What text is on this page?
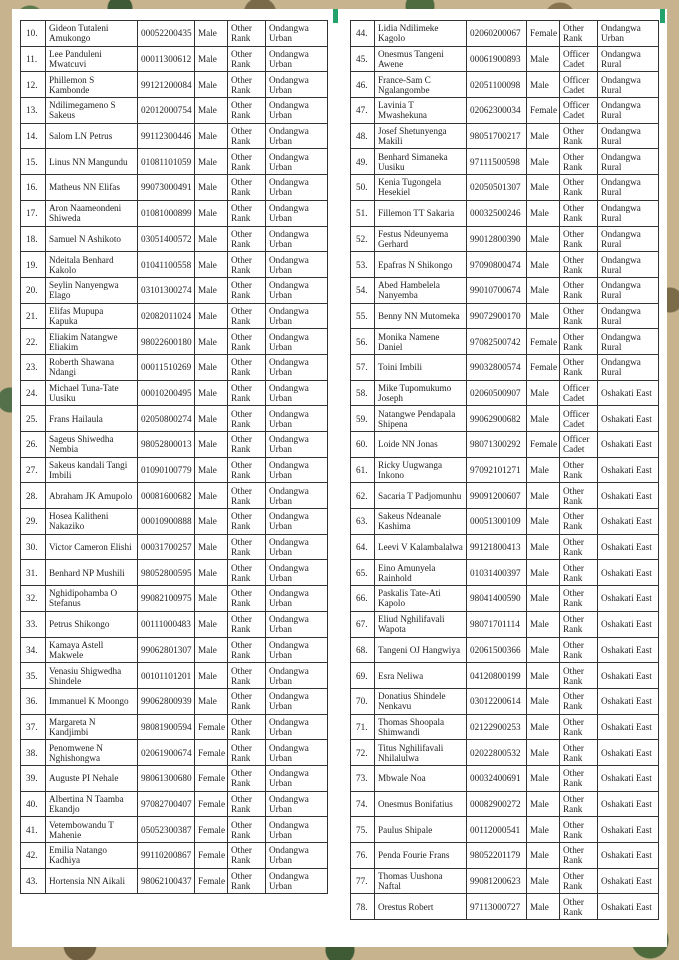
10.	Gideon Tutaleni Amukongo	00052200435	Male	Other Rank	Ondangwa Urban
11.	Lee Panduleni Mwatcuvi	00011300612	Male	Other Rank	Ondangwa Urban
12.	Phillemon S Kambonde	99121200084	Male	Other Rank	Ondangwa Urban
13.	Ndilimegameno S Sakeus	02012000754	Male	Other Rank	Ondangwa Urban
14.	Salom LN Petrus	99112300446	Male	Other Rank	Ondangwa Urban
15.	Linus NN Mangundu	01081101059	Male	Other Rank	Ondangwa Urban
16.	Matheus NN Elifas	99073000491	Male	Other Rank	Ondangwa Urban
17.	Aron Naameondeni Shiweda	01081000899	Male	Other Rank	Ondangwa Urban
18.	Samuel N Ashikoto	03051400572	Male	Other Rank	Ondangwa Urban
19.	Ndeitala Benhard Kakolo	01041100558	Male	Other Rank	Ondangwa Urban
20.	Seylin Nanyengwa Elago	03101300274	Male	Other Rank	Ondangwa Urban
21.	Elifas Mupupa Kapuka	02082011024	Male	Other Rank	Ondangwa Urban
22.	Eliakim Natangwe Eliakim	98022600180	Male	Other Rank	Ondangwa Urban
23.	Roberth Shawana Ndangi	00011510269	Male	Other Rank	Ondangwa Urban
24.	Michael Tuna-Tate Uusiku	00010200495	Male	Other Rank	Ondangwa Urban
25.	Frans Hailaula	02050800274	Male	Other Rank	Ondangwa Urban
26.	Sageus Shiwedha Nembia	98052800013	Male	Other Rank	Ondangwa Urban
27.	Sakeus kandali Tangi Imbili	01090100779	Male	Other Rank	Ondangwa Urban
28.	Abraham JK Amupolo	00081600682	Male	Other Rank	Ondangwa Urban
29.	Hosea Kalitheni Nakaziko	00010900888	Male	Other Rank	Ondangwa Urban
30.	Victor Cameron Elishi	00031700257	Male	Other Rank	Ondangwa Urban
31.	Benhard NP Mushili	98052800595	Male	Other Rank	Ondangwa Urban
32.	Nghidipohamba O Stefanus	99082100975	Male	Other Rank	Ondangwa Urban
33.	Petrus Shikongo	00111000483	Male	Other Rank	Ondangwa Urban
34.	Kamaya Astell Makwele	99062801307	Male	Other Rank	Ondangwa Urban
35.	Venasiu Shigwedha Shindele	00101101201	Male	Other Rank	Ondangwa Urban
36.	Immanuel K Moongo	99062800939	Male	Other Rank	Ondangwa Urban
37.	Margareta N Kandjimbi	98081900594	Female	Other Rank	Ondangwa Urban
38.	Penomwene N Nghishongwa	02061900674	Female	Other Rank	Ondangwa Urban
39.	Auguste PI Nehale	98061300680	Female	Other Rank	Ondangwa Urban
40.	Albertina N Taamba Ekandjo	97082700407	Female	Other Rank	Ondangwa Urban
41.	Vetembowandu T Mahenie	05052300387	Female	Other Rank	Ondangwa Urban
42.	Emilia Natango Kadhiya	99110200867	Female	Other Rank	Ondangwa Urban
43.	Hortensia NN Aikali	98062100437	Female	Other Rank	Ondangwa Urban
44.	Lidia Ndilimeke Kagolo	02060200067	Female	Other Rank	Ondangwa Urban
45.	Onesmus Tangeni Awene	00061900893	Male	Officer Cadet	Ondangwa Rural
46.	France-Sam C Ngalangombe	02051100098	Male	Officer Cadet	Ondangwa Rural
47.	Lavinia T Mwashekuna	02062300034	Female	Officer Cadet	Ondangwa Rural
48.	Josef Shetunyenga Makili	98051700217	Male	Other Rank	Ondangwa Rural
49.	Benhard Simaneka Uusiku	97111500598	Male	Other Rank	Ondangwa Rural
50.	Kenia Tugongela Hesekiel	02050501307	Male	Other Rank	Ondangwa Rural
51.	Fillemon TT Sakaria	00032500246	Male	Other Rank	Ondangwa Rural
52.	Festus Ndeunyema Gerhard	99012800390	Male	Other Rank	Ondangwa Rural
53.	Epafras N Shikongo	97090800474	Male	Other Rank	Ondangwa Rural
54.	Abed Hambelela Nanyemba	99010700674	Male	Other Rank	Ondangwa Rural
55.	Benny NN Mutomeka	99072900170	Male	Other Rank	Ondangwa Rural
56.	Monika Namene Daniel	97082500742	Female	Other Rank	Ondangwa Rural
57.	Toini Imbili	99032800574	Female	Other Rank	Ondangwa Rural
58.	Mike Tupomukumo Joseph	02060500907	Male	Officer Cadet	Oshakati East
59.	Natangwe Pendapala Shipena	99062900682	Male	Officer Cadet	Oshakati East
60.	Loide NN Jonas	98071300292	Female	Officer Cadet	Oshakati East
61.	Ricky Uugwanga Inkono	97092101271	Male	Other Rank	Oshakati East
62.	Sacaria T Padjomunhu	99091200607	Male	Other Rank	Oshakati East
63.	Sakeus Ndeanale Kashima	00051300109	Male	Other Rank	Oshakati East
64.	Leevi V Kalambalalwa	99121800413	Male	Other Rank	Oshakati East
65.	Eino Amunyela Rainhold	01031400397	Male	Other Rank	Oshakati East
66.	Paskalis Tate-Ati Kapolo	98041400590	Male	Other Rank	Oshakati East
67.	Eliud Nghilifavali Wapota	98071701114	Male	Other Rank	Oshakati East
68.	Tangeni OJ Hangwiya	02061500366	Male	Other Rank	Oshakati East
69.	Esra Neliwa	04120800199	Male	Other Rank	Oshakati East
70.	Donatius Shindele Nenkavu	03012200614	Male	Other Rank	Oshakati East
71.	Thomas Shoopala Shimwandi	02122900253	Male	Other Rank	Oshakati East
72.	Titus Nghilifavali Nhilalulwa	02022800532	Male	Other Rank	Oshakati East
73.	Mbwale Noa	00032400691	Male	Other Rank	Oshakati East
74.	Onesmus Bonifatius	00082900272	Male	Other Rank	Oshakati East
75.	Paulus Shipale	00112000541	Male	Other Rank	Oshakati East
76.	Penda Fourie Frans	98052201179	Male	Other Rank	Oshakati East
77.	Thomas Uushona Naftal	99081200623	Male	Other Rank	Oshakati East
78.	Orestus Robert	97113000727	Male	Other Rank	Oshakati East
